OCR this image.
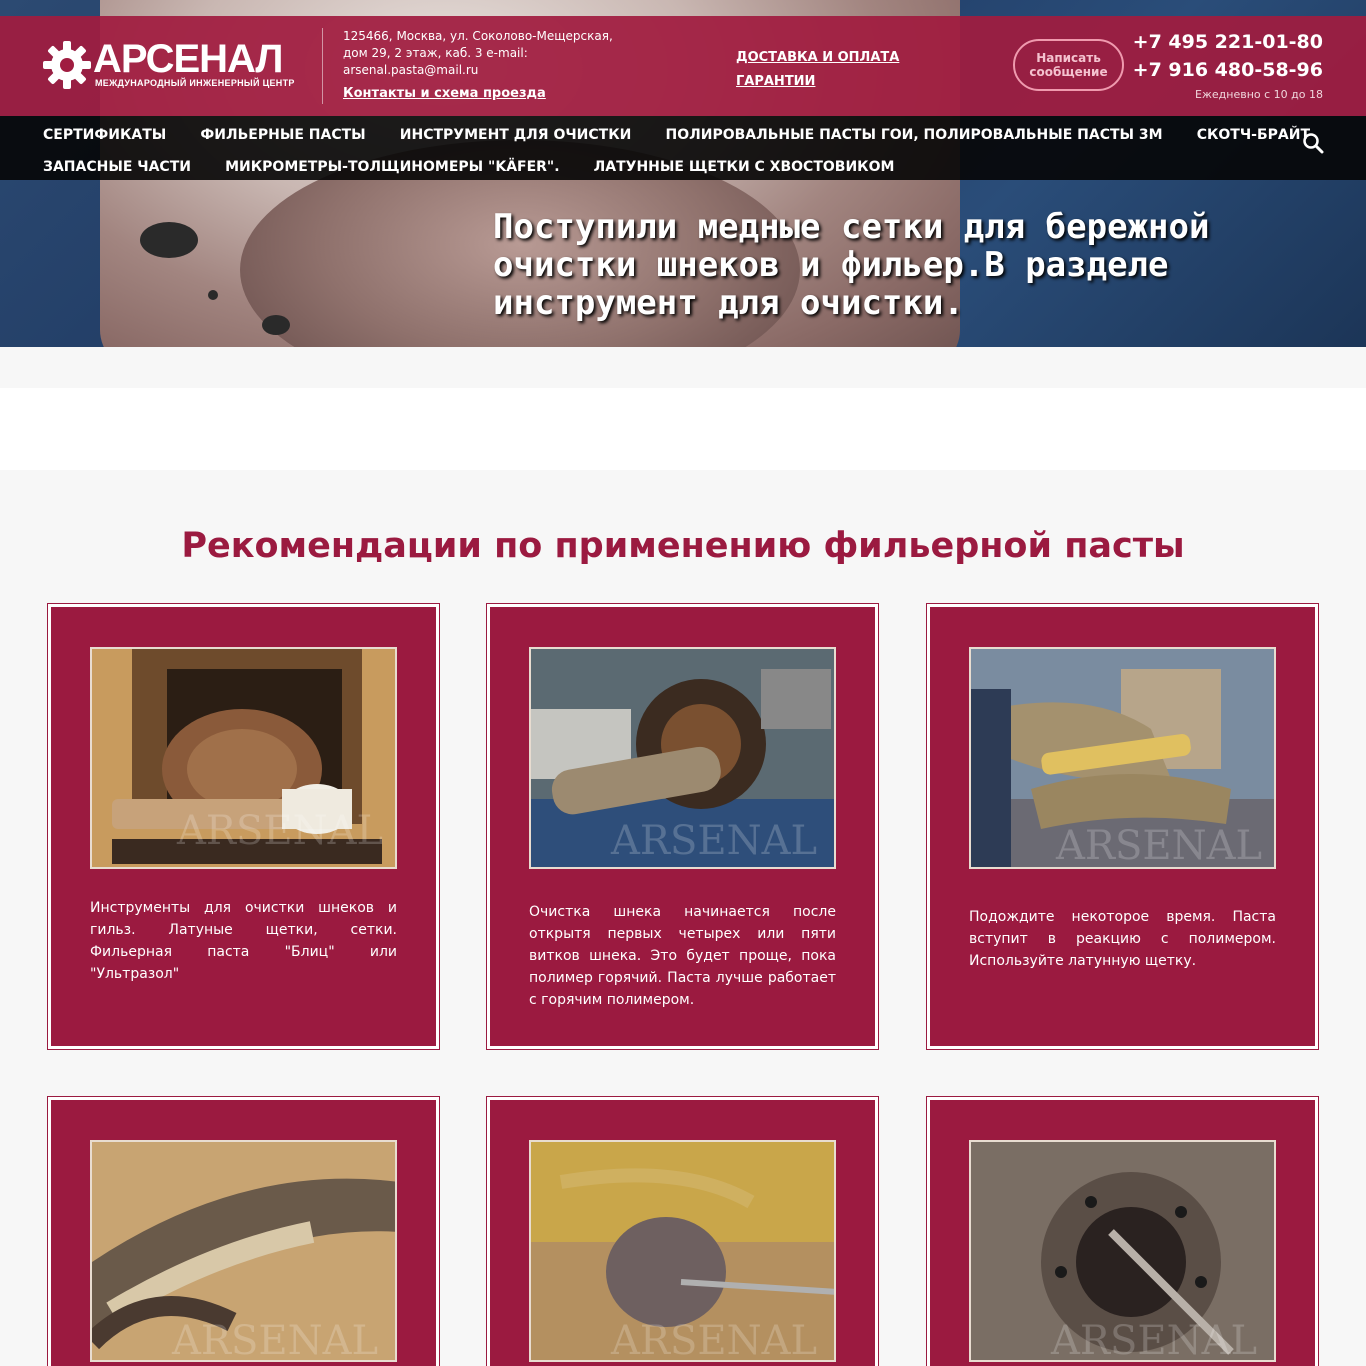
Поступили медные сетки для бережной очистки шнеков и фильер.В разделе инструмент для очистки.
АРСЕНАЛ
МЕЖДУНАРОДНЫЙ ИНЖЕНЕРНЫЙ ЦЕНТР
125466, Москва, ул. Соколово-Мещерская, дом 29, 2 этаж, каб. 3 e-mail: arsenal.pasta@mail.ru
Контакты и схема проезда
ДОСТАВКА И ОПЛАТА
ГАРАНТИИ
Написать сообщение
+7 495 221-01-80
+7 916 480-58-96
Ежедневно с 10 до 18
СЕРТИФИКАТЫ ФИЛЬЕРНЫЕ ПАСТЫ ИНСТРУМЕНТ ДЛЯ ОЧИСТКИ ПОЛИРОВАЛЬНЫЕ ПАСТЫ ГОИ, ПОЛИРОВАЛЬНЫЕ ПАСТЫ 3М СКОТЧ-БРАЙТ
ЗАПАСНЫЕ ЧАСТИ МИКРОМЕТРЫ-ТОЛЩИНОМЕРЫ "KÄFER". ЛАТУННЫЕ ЩЕТКИ С ХВОСТОВИКОМ
Рекомендации по применению фильерной пасты
ARSENAL
Инструменты для очистки шнеков и гильз. Латуные щетки, сетки. Фильерная паста "Блиц" или "Ультразол"
ARSENAL
Очистка шнека начинается после открытя первых четырех или пяти витков шнека. Это будет проще, пока полимер горячий. Паста лучше работает с горячим полимером.
ARSENAL
Подождите некоторое время. Паста вступит в реакцию с полимером. Используйте латунную щетку.
ARSENAL	ARSENAL	ARSENAL
